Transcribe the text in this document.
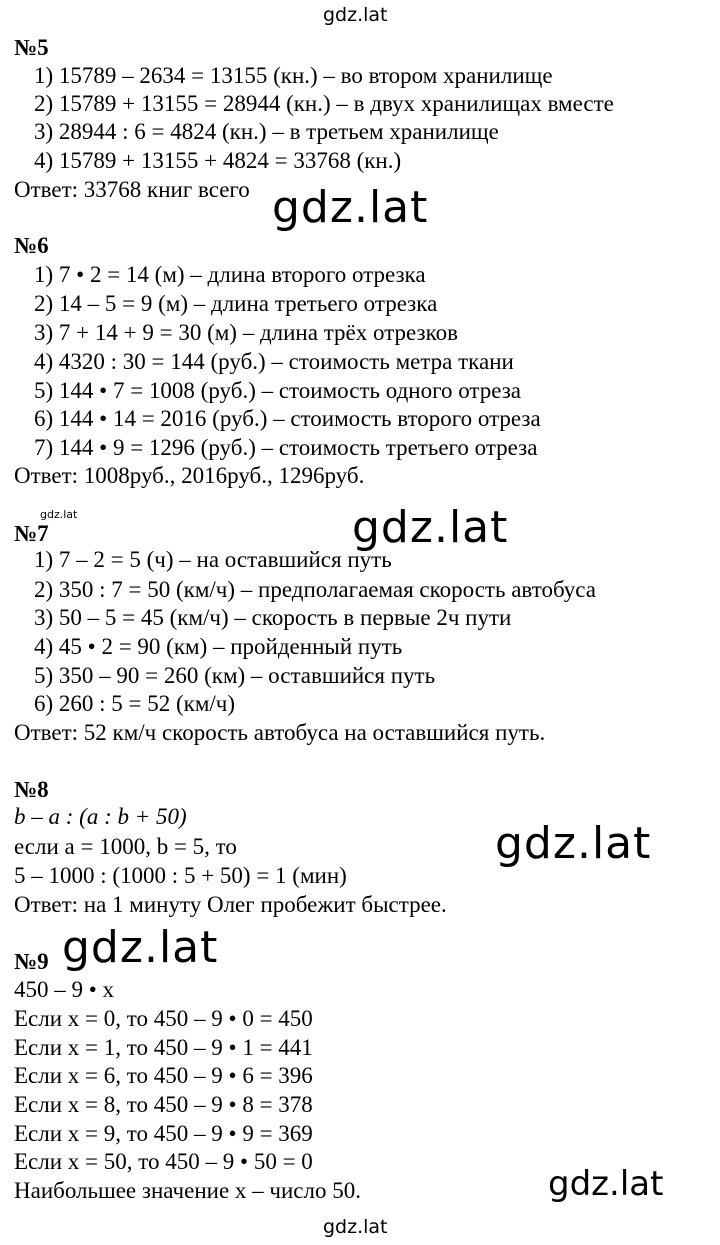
gdz.lat
gdz.lat
gdz.lat	gdz.lat
gdz.lat
gdz.lat
gdz.lat
gdz.lat
№5
1) 15789 – 2634 = 13155 (кн.) – во втором хранилище
2) 15789 + 13155 = 28944 (кн.) – в двух хранилищах вместе
3) 28944 : 6 = 4824 (кн.) – в третьем хранилище
4) 15789 + 13155 + 4824 = 33768 (кн.)
Ответ: 33768 книг всего
№6
1) 7 • 2 = 14 (м) – длина второго отрезка
2) 14 – 5 = 9 (м) – длина третьего отрезка
3) 7 + 14 + 9 = 30 (м) – длина трёх отрезков
4) 4320 : 30 = 144 (руб.) – стоимость метра ткани
5) 144 • 7 = 1008 (руб.) – стоимость одного отреза
6) 144 • 14 = 2016 (руб.) – стоимость второго отреза
7) 144 • 9 = 1296 (руб.) – стоимость третьего отреза
Ответ: 1008руб., 2016руб., 1296руб.
№7
1) 7 – 2 = 5 (ч) – на оставшийся путь
2) 350 : 7 = 50 (км/ч) – предполагаемая скорость автобуса
3) 50 – 5 = 45 (км/ч) – скорость в первые 2ч пути
4) 45 • 2 = 90 (км) – пройденный путь
5) 350 – 90 = 260 (км) – оставшийся путь
6) 260 : 5 = 52 (км/ч)
Ответ: 52 км/ч скорость автобуса на оставшийся путь.
№8
b – a : (a : b + 50)
если a = 1000, b = 5, то
5 – 1000 : (1000 : 5 + 50) = 1 (мин)
Ответ: на 1 минуту Олег пробежит быстрее.
№9
450 – 9 • x
Если x = 0, то 450 – 9 • 0 = 450
Если x = 1, то 450 – 9 • 1 = 441
Если x = 6, то 450 – 9 • 6 = 396
Если x = 8, то 450 – 9 • 8 = 378
Если x = 9, то 450 – 9 • 9 = 369
Если x = 50, то 450 – 9 • 50 = 0
Наибольшее значение x – число 50.
